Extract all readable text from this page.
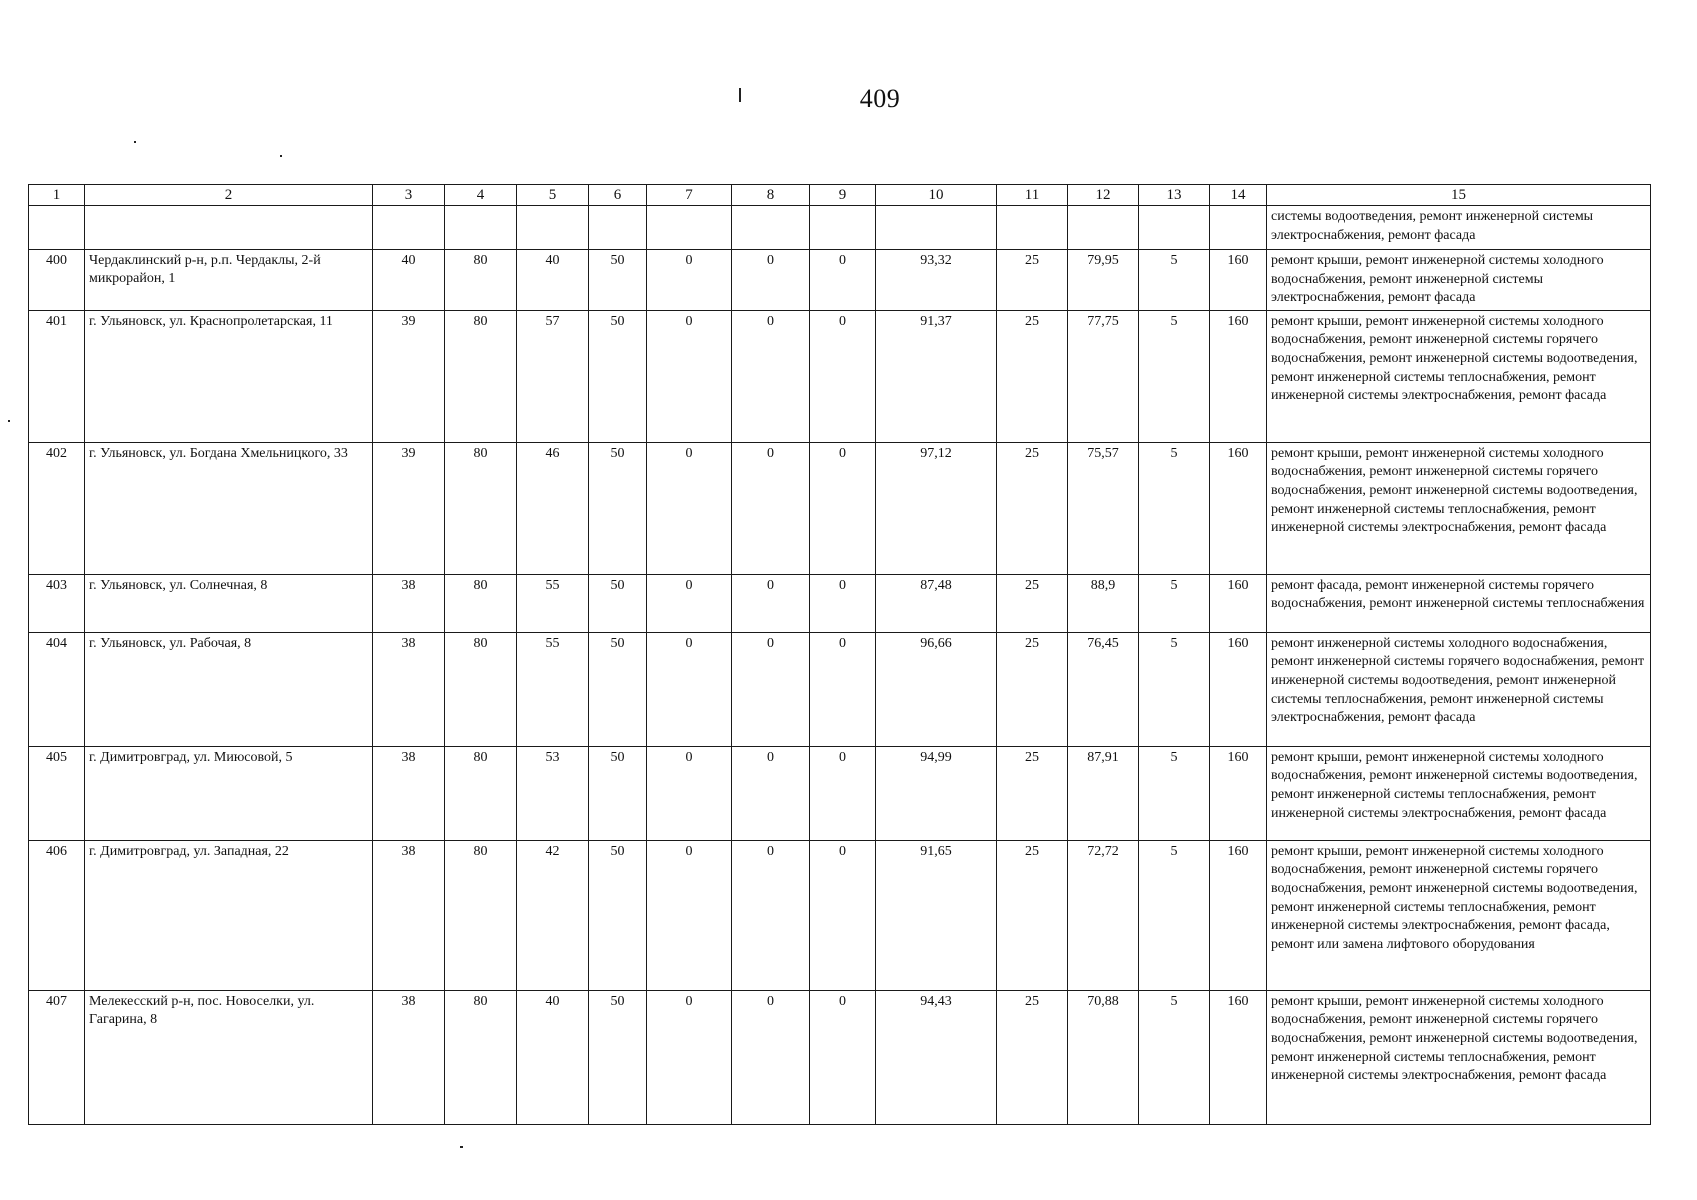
409
1	2	3	4	5	6	7	8	9	10	11	12	13	14	15
														системы водоотведения, ремонт инженерной системы электроснабжения, ремонт фасада
400	Чердаклинский р-н, р.п. Чердаклы, 2-й микрорайон, 1	40	80	40	50	0	0	0	93,32	25	79,95	5	160	ремонт крыши, ремонт инженерной системы холодного водоснабжения, ремонт инженерной системы электроснабжения, ремонт фасада
401	г. Ульяновск, ул. Краснопролетарская, 11	39	80	57	50	0	0	0	91,37	25	77,75	5	160	ремонт крыши, ремонт инженерной системы холодного водоснабжения, ремонт инженерной системы горячего водоснабжения, ремонт инженерной системы водоотведения, ремонт инженерной системы теплоснабжения, ремонт инженерной системы электроснабжения, ремонт фасада
402	г. Ульяновск, ул. Богдана Хмельницкого, 33	39	80	46	50	0	0	0	97,12	25	75,57	5	160	ремонт крыши, ремонт инженерной системы холодного водоснабжения, ремонт инженерной системы горячего водоснабжения, ремонт инженерной системы водоотведения, ремонт инженерной системы теплоснабжения, ремонт инженерной системы электроснабжения, ремонт фасада
403	г. Ульяновск, ул. Солнечная, 8	38	80	55	50	0	0	0	87,48	25	88,9	5	160	ремонт фасада, ремонт инженерной системы горячего водоснабжения, ремонт инженерной системы теплоснабжения
404	г. Ульяновск, ул. Рабочая, 8	38	80	55	50	0	0	0	96,66	25	76,45	5	160	ремонт инженерной системы холодного водоснабжения, ремонт инженерной системы горячего водоснабжения, ремонт инженерной системы водоотведения, ремонт инженерной системы теплоснабжения, ремонт инженерной системы электроснабжения, ремонт фасада
405	г. Димитровград, ул. Миюсовой, 5	38	80	53	50	0	0	0	94,99	25	87,91	5	160	ремонт крыши, ремонт инженерной системы холодного водоснабжения, ремонт инженерной системы водоотведения, ремонт инженерной системы теплоснабжения, ремонт инженерной системы электроснабжения, ремонт фасада
406	г. Димитровград, ул. Западная, 22	38	80	42	50	0	0	0	91,65	25	72,72	5	160	ремонт крыши, ремонт инженерной системы холодного водоснабжения, ремонт инженерной системы горячего водоснабжения, ремонт инженерной системы водоотведения, ремонт инженерной системы теплоснабжения, ремонт инженерной системы электроснабжения, ремонт фасада, ремонт или замена лифтового оборудования
407	Мелекесский р-н, пос. Новоселки, ул. Гагарина, 8	38	80	40	50	0	0	0	94,43	25	70,88	5	160	ремонт крыши, ремонт инженерной системы холодного водоснабжения, ремонт инженерной системы горячего водоснабжения, ремонт инженерной системы водоотведения, ремонт инженерной системы теплоснабжения, ремонт инженерной системы электроснабжения, ремонт фасада
